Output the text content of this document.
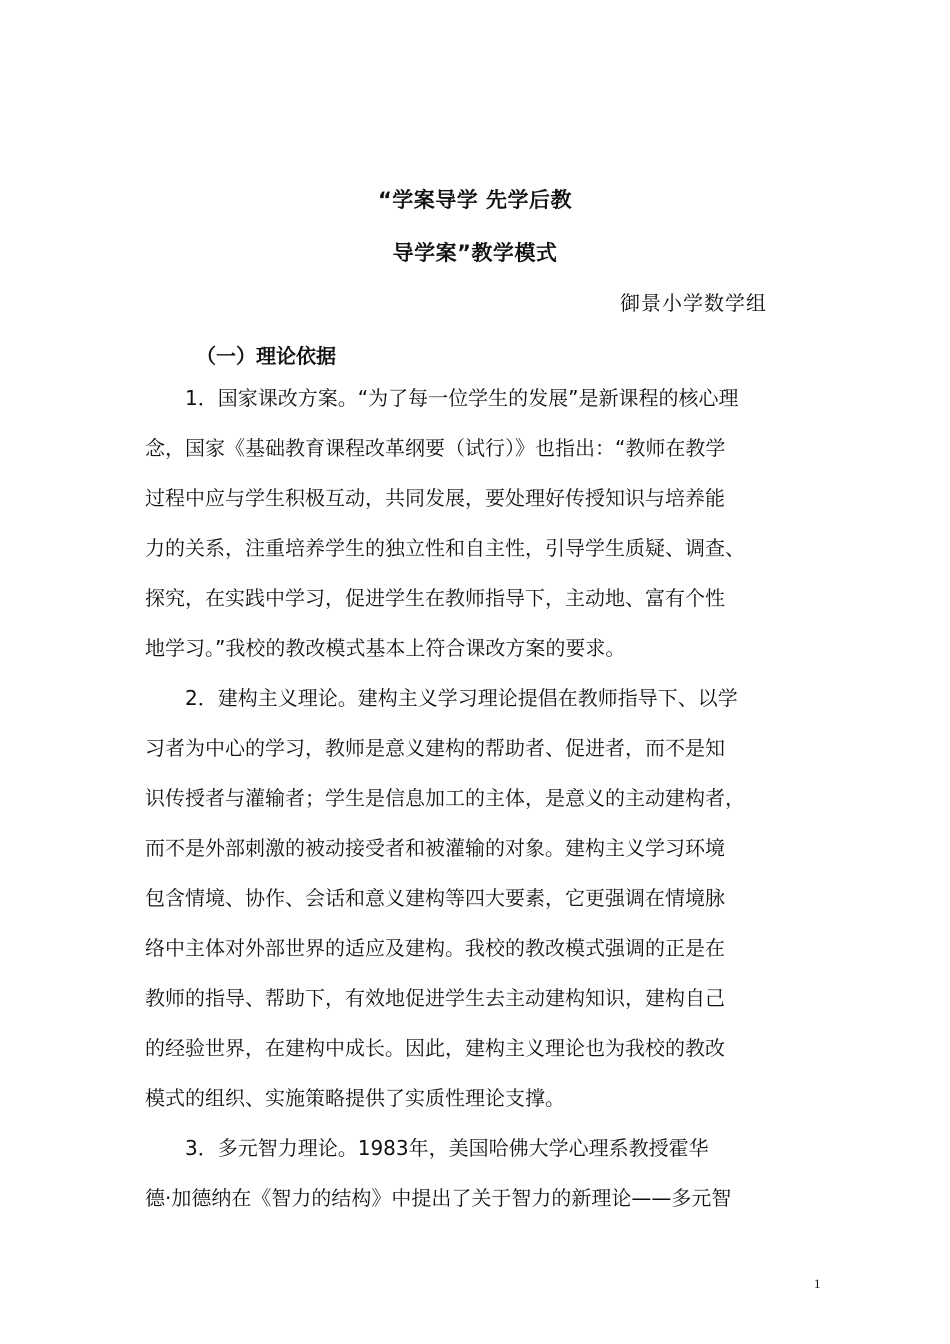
“学案导学 先学后教
导学案”教学模式
御景小学数学组
（一）理论依据

　　1．国家课改方案。“为了每一位学生的发展”是新课程的核心理
念，国家《基础教育课程改革纲要（试行）》也指出：“教师在教学
过程中应与学生积极互动，共同发展，要处理好传授知识与培养能
力的关系，注重培养学生的独立性和自主性，引导学生质疑、调查、
探究，在实践中学习，促进学生在教师指导下，主动地、富有个性
地学习。”我校的教改模式基本上符合课改方案的要求。

　　2．建构主义理论。建构主义学习理论提倡在教师指导下、以学
习者为中心的学习，教师是意义建构的帮助者、促进者，而不是知
识传授者与灌输者；学生是信息加工的主体，是意义的主动建构者，
而不是外部刺激的被动接受者和被灌输的对象。建构主义学习环境
包含情境、协作、会话和意义建构等四大要素，它更强调在情境脉
络中主体对外部世界的适应及建构。我校的教改模式强调的正是在
教师的指导、帮助下，有效地促进学生去主动建构知识，建构自己
的经验世界，在建构中成长。因此，建构主义理论也为我校的教改
模式的组织、实施策略提供了实质性理论支撑。

　　3．多元智力理论。1983年，美国哈佛大学心理系教授霍华
德·加德纳在《智力的结构》中提出了关于智力的新理论——多元智

1
